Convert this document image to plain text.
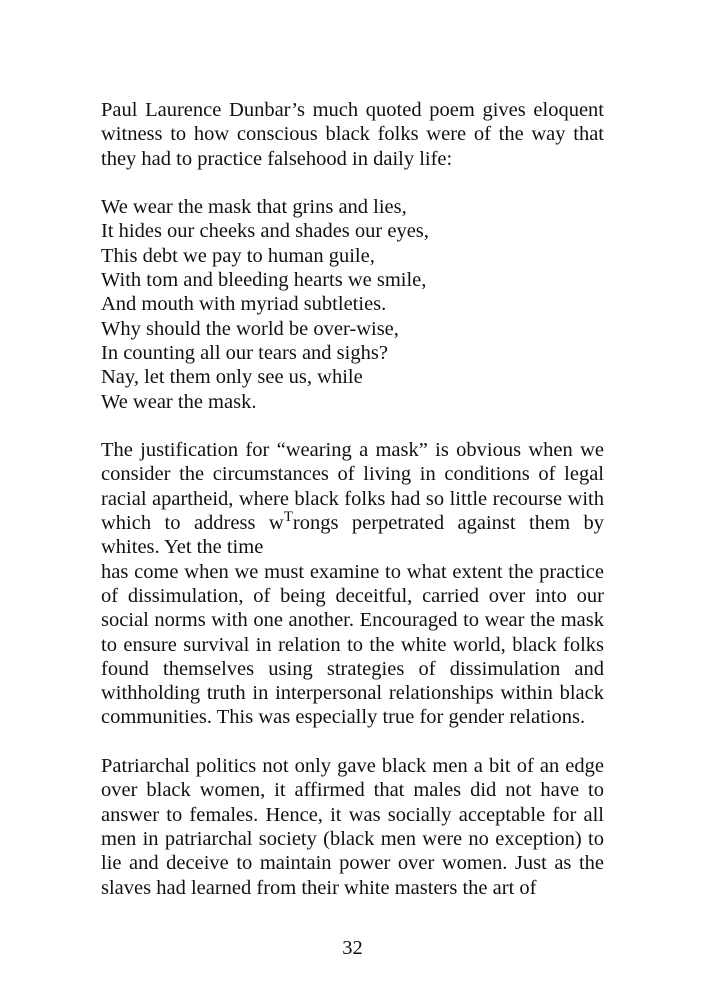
Paul Laurence Dunbar’s much quoted poem gives eloquent witness to how conscious black folks were of the way that they had to practice falsehood in daily life:

We wear the mask that grins and lies,
It hides our cheeks and shades our eyes,
This debt we pay to human guile,
With tom and bleeding hearts we smile,
And mouth with myriad subtleties.
Why should the world be over-wise,
In counting all our tears and sighs?
Nay, let them only see us, while
We wear the mask.

The justification for “wearing a mask” is obvious when we consider the circumstances of living in conditions of legal racial apartheid, where black folks had so little recourse with which to address $w^Trongs$ perpetrated against them by whites. Yet the time

has come when we must examine to what extent the practice of dissimulation, of being deceitful, carried over into our social norms with one another. Encouraged to wear the mask to ensure survival in relation to the white world, black folks found themselves using strategies of dissimulation and withholding truth in interpersonal relationships within black communities. This was especially true for gender relations.

Patriarchal politics not only gave black men a bit of an edge over black women, it affirmed that males did not have to answer to females. Hence, it was socially acceptable for all men in patriarchal society (black men were no exception) to lie and deceive to maintain power over women. Just as the slaves had learned from their white masters the art of

32
